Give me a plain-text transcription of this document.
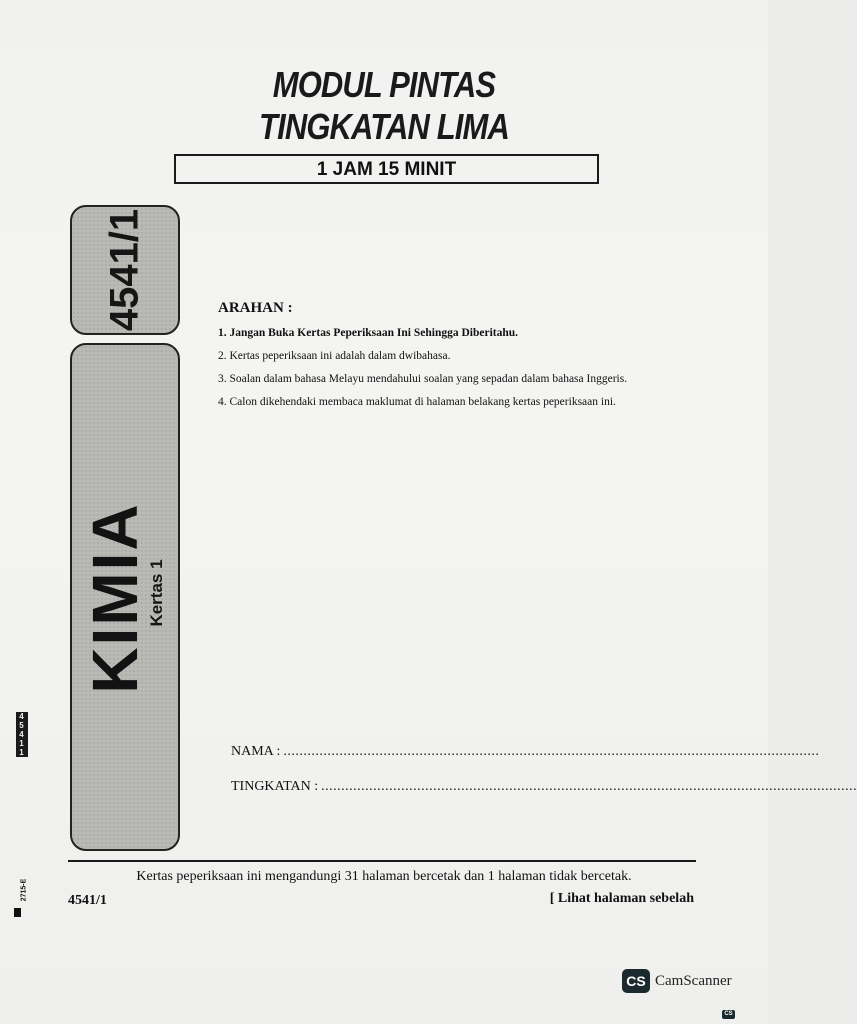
MODUL PINTAS
TINGKATAN LIMA
1 JAM 15 MINIT
4541/1
KIMIA
Kertas 1
ARAHAN :
1. Jangan Buka Kertas Peperiksaan Ini Sehingga Diberitahu.
2. Kertas peperiksaan ini adalah dalam dwibahasa.
3. Soalan dalam bahasa Melayu mendahului soalan yang sepadan dalam bahasa Inggeris.
4. Calon dikehendaki membaca maklumat di halaman belakang kertas peperiksaan ini.
NAMA : ......................................................................................................................................
TINGKATAN : ......................................................................................................................................
Kertas peperiksaan ini mengandungi 31 halaman bercetak dan 1 halaman tidak bercetak.
4541/1	[ Lihat halaman sebelah
4
5
4
1
1
2715-E
CS CamScanner
CS
